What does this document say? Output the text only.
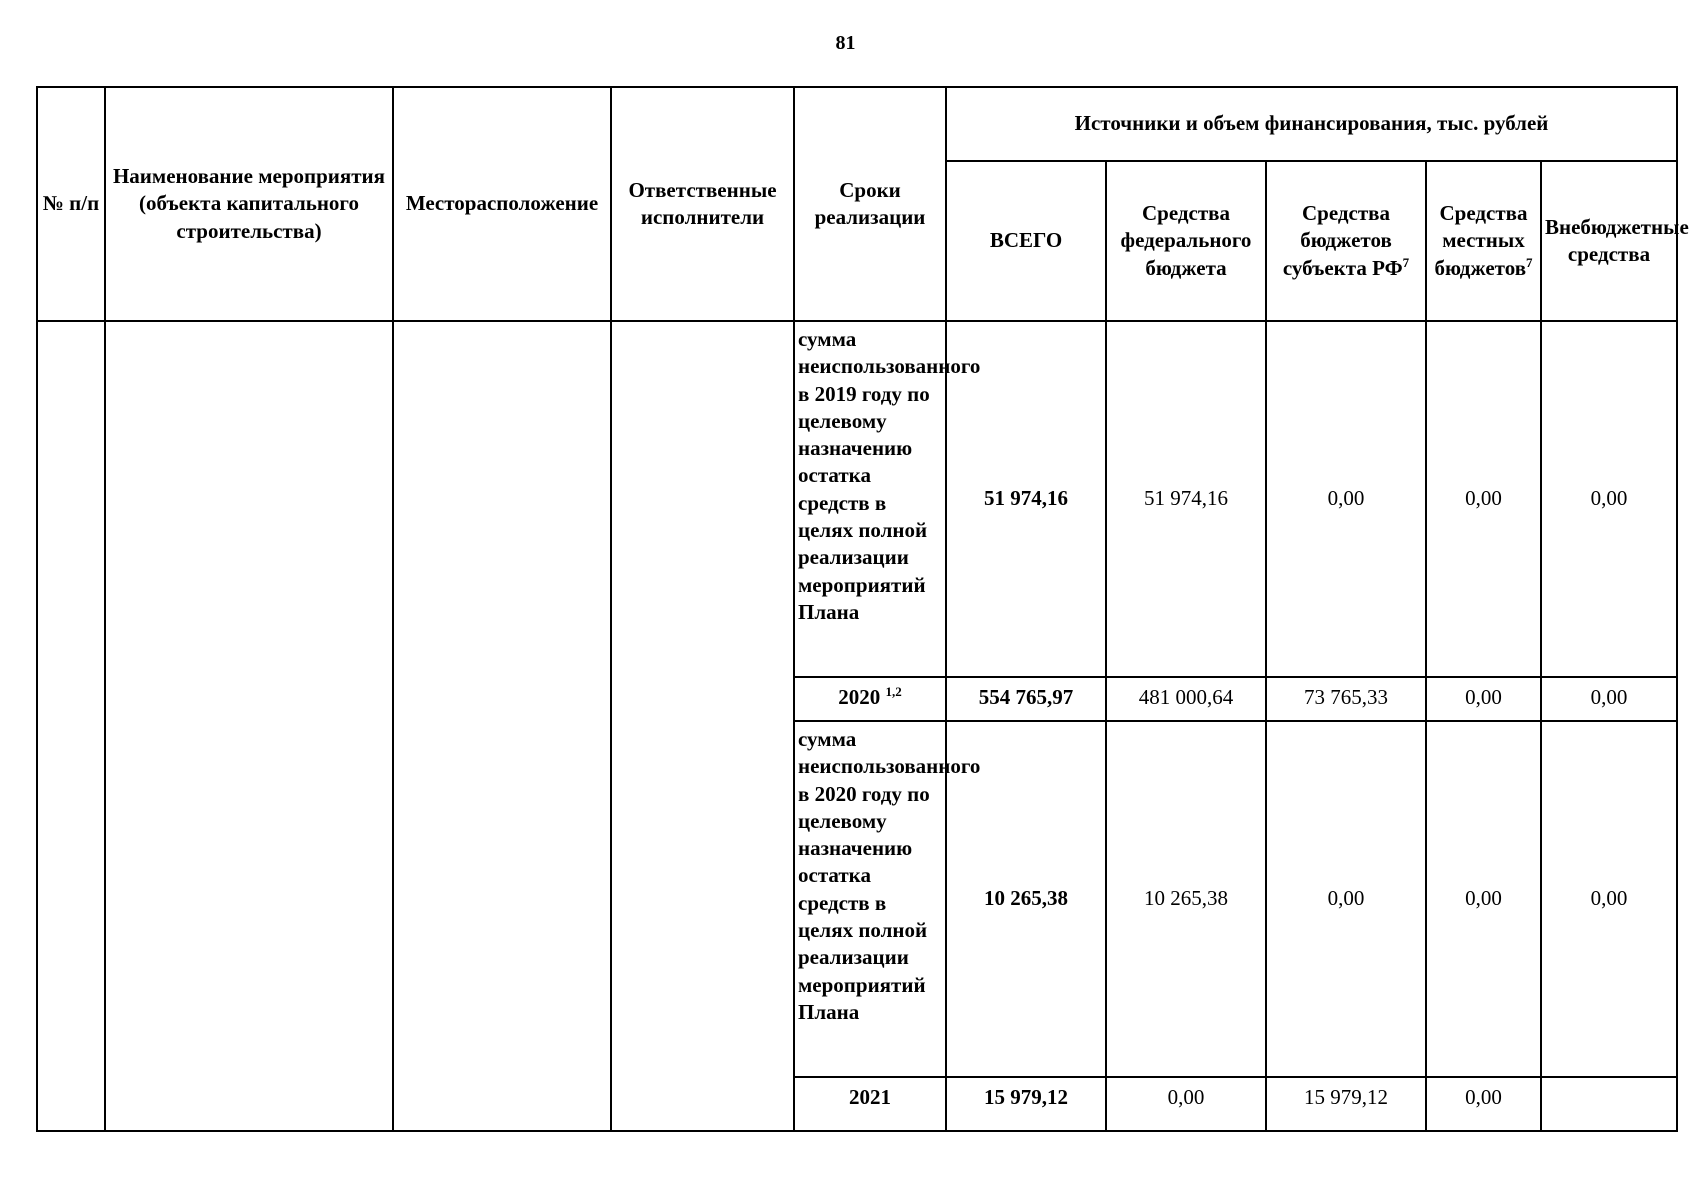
81
№ п/п	Наименование мероприятия (объекта капитального строительства)	Месторасположение	Ответственные исполнители	Сроки реализации	Источники и объем финансирования, тыс. рублей				
					ВСЕГО	Средства федерального бюджета	Средства бюджетов субъекта $РФ^7$	Средства местных бюджетов$^7$	Внебюджетные средства
				сумма неиспользованного в 2019 году по целевому назначению остатка средств в целях полной реализации мероприятий Плана	51 974,16	51 974,16	0,00	0,00	0,00
				2020 $^{1,2}$	554 765,97	481 000,64	73 765,33	0,00	0,00
				сумма неиспользованного в 2020 году по целевому назначению остатка средств в целях полной реализации мероприятий Плана	10 265,38	10 265,38	0,00	0,00	0,00
				2021	15 979,12	0,00	15 979,12	0,00	
